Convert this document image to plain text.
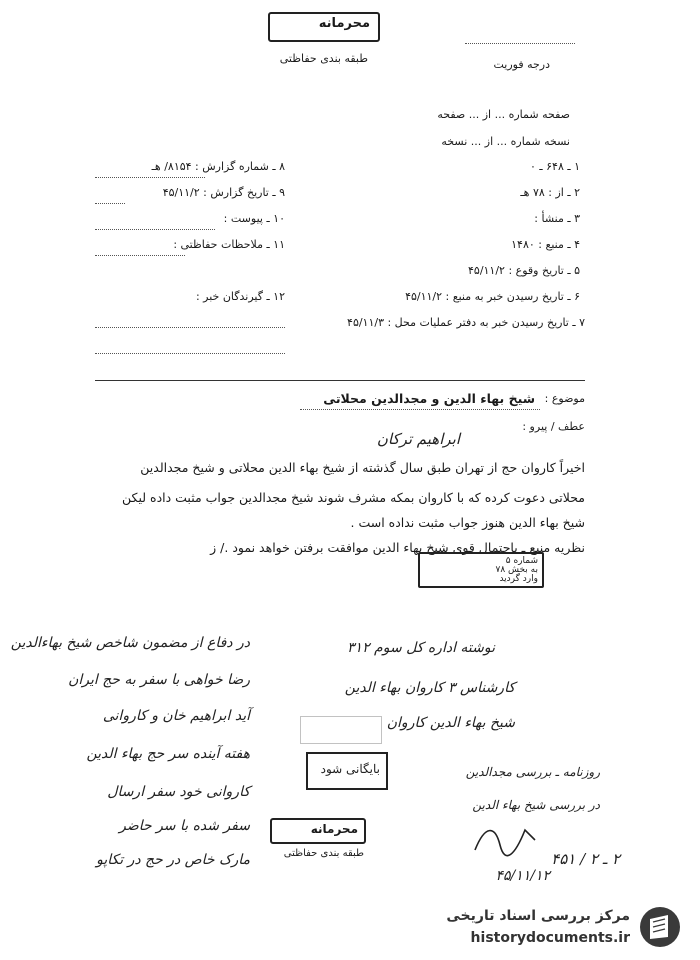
محرمانه
طبقه بندی حفاظتی	درجه فوریت
صفحه شماره ... از ... صفحه
نسخه شماره ... از ... نسخه
۸ ـ شماره گزارش : ۸۱۵۴/ هـ
۹ ـ تاریخ گزارش : ۴۵/۱۱/۲
۱۰ ـ پیوست :
۱۱ ـ ملاحظات حفاظتی :
۱۲ ـ گیرندگان خبر :
۱ ـ ۶۴۸ ـ ۰
۲ ـ از : ۷۸ هـ
۳ ـ منشأ :
۴ ـ منبع : ۱۴۸۰
۵ ـ تاریخ وقوع : ۴۵/۱۱/۲
۶ ـ تاریخ رسیدن خبر به منبع : ۴۵/۱۱/۲
۷ ـ تاریخ رسیدن خبر به دفتر عملیات محل : ۴۵/۱۱/۳
موضوع :
شیخ بهاء الدین و مجدالدین محلاتی
عطف / پیرو :
ابراهیم ترکان
اخیراً کاروان حج از تهران طبق سال گذشته از شیخ بهاء الدین محلاتی و شیخ مجدالدین
محلاتی دعوت کرده که با کاروان بمکه مشرف شوند شیخ مجدالدین جواب مثبت داده لیکن
شیخ بهاء الدین هنوز جواب مثبت نداده است .
نظریه منبع ـ باحتمال قوی شیخ بهاء الدین موافقت برفتن خواهد نمود ./ ز
شماره ۵
به بخش ۷۸
وارد گردید
در دفاع از مضمون شاخص شیخ بهاءالدین
رضا خواهی با سفر به حج ایران
آید ابراهیم خان و کاروانی
هفته آینده سر حج بهاء الدین
کاروانی خود سفر ارسال
سفر شده با سر حاضر
مارک خاص در حج در تکاپو
نوشته اداره کل سوم ۳۱۲
کارشناس ۳ کاروان بهاء الدین
شیخ بهاء الدین کاروان
روزنامه ـ بررسی مجدالدین
در بررسی شیخ بهاء الدین
بایگانی شود
۴۵/۱۱/۱۲
۲ ـ ۲ / ۴۵۱
محرمانه
طبقه بندی حفاظتی
مرکز بررسی اسناد تاریخی
historydocuments.ir
